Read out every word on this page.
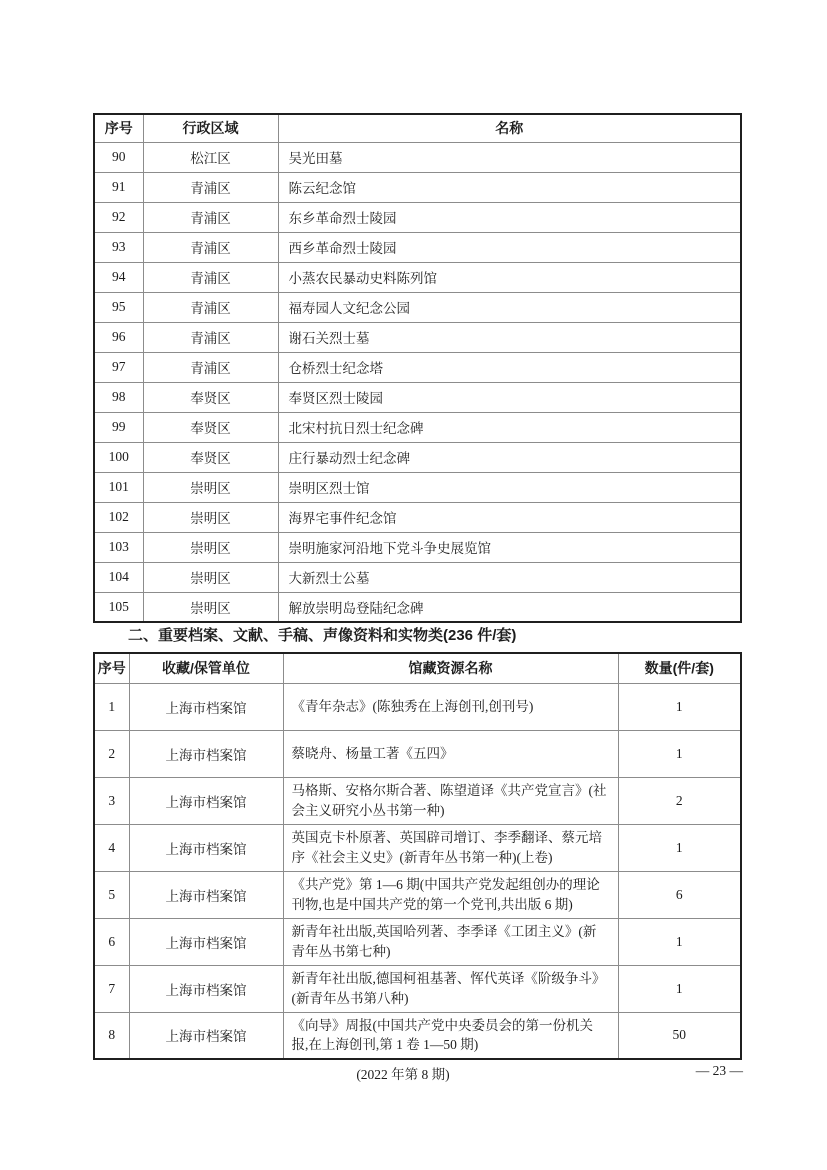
序号	行政区域	名称
90	松江区	吴光田墓
91	青浦区	陈云纪念馆
92	青浦区	东乡革命烈士陵园
93	青浦区	西乡革命烈士陵园
94	青浦区	小蒸农民暴动史料陈列馆
95	青浦区	福寿园人文纪念公园
96	青浦区	谢石关烈士墓
97	青浦区	仓桥烈士纪念塔
98	奉贤区	奉贤区烈士陵园
99	奉贤区	北宋村抗日烈士纪念碑
100	奉贤区	庄行暴动烈士纪念碑
101	崇明区	崇明区烈士馆
102	崇明区	海界宅事件纪念馆
103	崇明区	崇明施家河沿地下党斗争史展览馆
104	崇明区	大新烈士公墓
105	崇明区	解放崇明岛登陆纪念碑
二、重要档案、文献、手稿、声像资料和实物类(236 件/套)
序号	收藏/保管单位	馆藏资源名称	数量(件/套)
1	上海市档案馆	《青年杂志》(陈独秀在上海创刊,创刊号)	1
2	上海市档案馆	蔡晓舟、杨量工著《五四》	1
3	上海市档案馆	马格斯、安格尔斯合著、陈望道译《共产党宣言》(社会主义研究小丛书第一种)	2
4	上海市档案馆	英国克卡朴原著、英国辟司增订、李季翻译、蔡元培序《社会主义史》(新青年丛书第一种)(上卷)	1
5	上海市档案馆	《共产党》第 1—6 期(中国共产党发起组创办的理论刊物,也是中国共产党的第一个党刊,共出版 6 期)	6
6	上海市档案馆	新青年社出版,英国哈列著、李季译《工团主义》(新青年丛书第七种)	1
7	上海市档案馆	新青年社出版,德国柯祖基著、恽代英译《阶级争斗》(新青年丛书第八种)	1
8	上海市档案馆	《向导》周报(中国共产党中央委员会的第一份机关报,在上海创刊,第 1 卷 1—50 期)	50
(2022 年第 8 期)	— 23 —
